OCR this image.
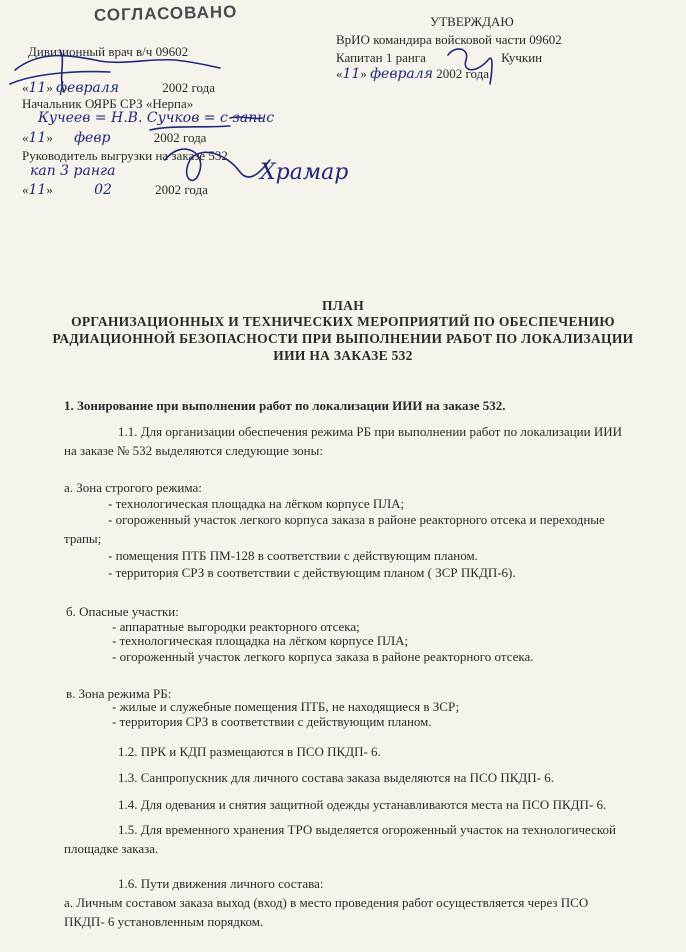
СОГЛАСОВАНО
Дивизионный врач в/ч 09602
«11» февраля	2002 года
Начальник ОЯРБ СРЗ «Нерпа»
Кучеев = Н.В. Сучков = с запис
«11» февр	2002 года
Руководитель выгрузки на заказе 532
кап 3 ранга	Храмар
«11»	02	2002 года
УТВЕРЖДАЮ
ВрИО командира войсковой части 09602
Капитан 1 ранга	Кучкин
«11» февраля 2002 года
ПЛАН
ОРГАНИЗАЦИОННЫХ И ТЕХНИЧЕСКИХ МЕРОПРИЯТИЙ ПО ОБЕСПЕЧЕНИЮ
РАДИАЦИОННОЙ БЕЗОПАСНОСТИ ПРИ ВЫПОЛНЕНИИ РАБОТ ПО ЛОКАЛИЗАЦИИ
ИИИ НА ЗАКАЗЕ 532
1. Зонирование при выполнении работ по локализации ИИИ на заказе 532.
1.1. Для организации обеспечения режима РБ при выполнении работ по локализации ИИИ
на заказе № 532 выделяются следующие зоны:
а. Зона строгого режима:
- технологическая площадка на лёгком корпусе ПЛА;
- огороженный участок легкого корпуса заказа в районе реакторного отсека и переходные
трапы;
- помещения ПТБ ПМ-128 в соответствии с действующим планом.
- территория СРЗ в соответствии с действующим планом ( ЗСР ПКДП-6).
б. Опасные участки:
- аппаратные выгородки реакторного отсека;
- технологическая площадка на лёгком корпусе ПЛА;
- огороженный участок легкого корпуса заказа в районе реакторного отсека.
в. Зона режима РБ:
- жилые и служебные помещения ПТБ, не находящиеся в ЗСР;
- территория СРЗ в соответствии с действующим планом.
1.2. ПРК и КДП размещаются в ПСО ПКДП- 6.
1.3. Санпропускник для личного состава заказа выделяются на ПСО ПКДП- 6.
1.4. Для одевания и снятия защитной одежды устанавливаются места на ПСО ПКДП- 6.
1.5. Для временного хранения ТРО выделяется огороженный участок на технологической
площадке заказа.
1.6. Пути движения личного состава:
а. Личным составом заказа выход (вход) в место проведения работ осуществляется через ПСО
ПКДП- 6 установленным порядком.
